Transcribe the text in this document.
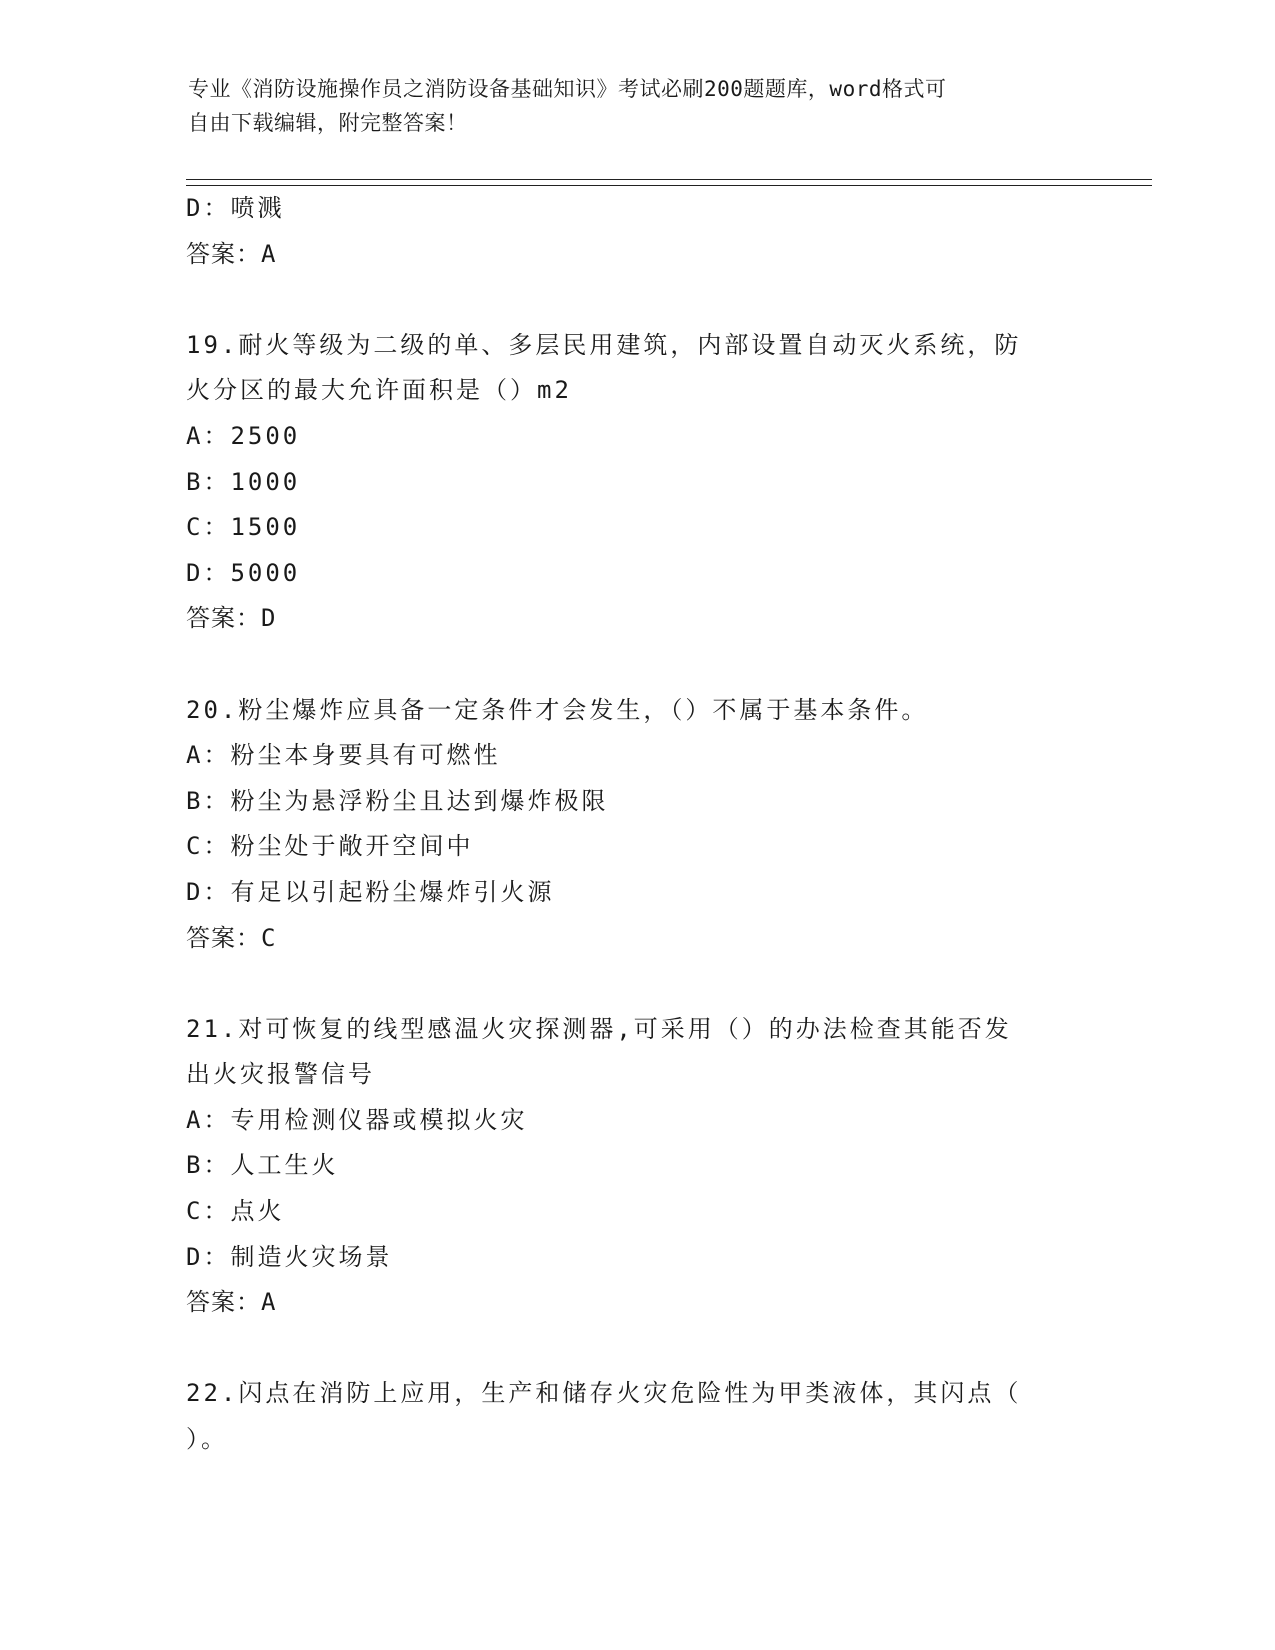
专业《消防设施操作员之消防设备基础知识》考试必刷200题题库，word格式可
自由下载编辑，附完整答案！
D：喷溅
答案：A
19.耐火等级为二级的单、多层民用建筑，内部设置自动灭火系统，防
火分区的最大允许面积是（）m2
A：2500
B：1000
C：1500
D：5000
答案：D
20.粉尘爆炸应具备一定条件才会发生，（）不属于基本条件。
A：粉尘本身要具有可燃性
B：粉尘为悬浮粉尘且达到爆炸极限
C：粉尘处于敞开空间中
D：有足以引起粉尘爆炸引火源
答案：C
21.对可恢复的线型感温火灾探测器,可采用（）的办法检查其能否发
出火灾报警信号
A：专用检测仪器或模拟火灾
B：人工生火
C：点火
D：制造火灾场景
答案：A
22.闪点在消防上应用，生产和储存火灾危险性为甲类液体，其闪点（
）。
